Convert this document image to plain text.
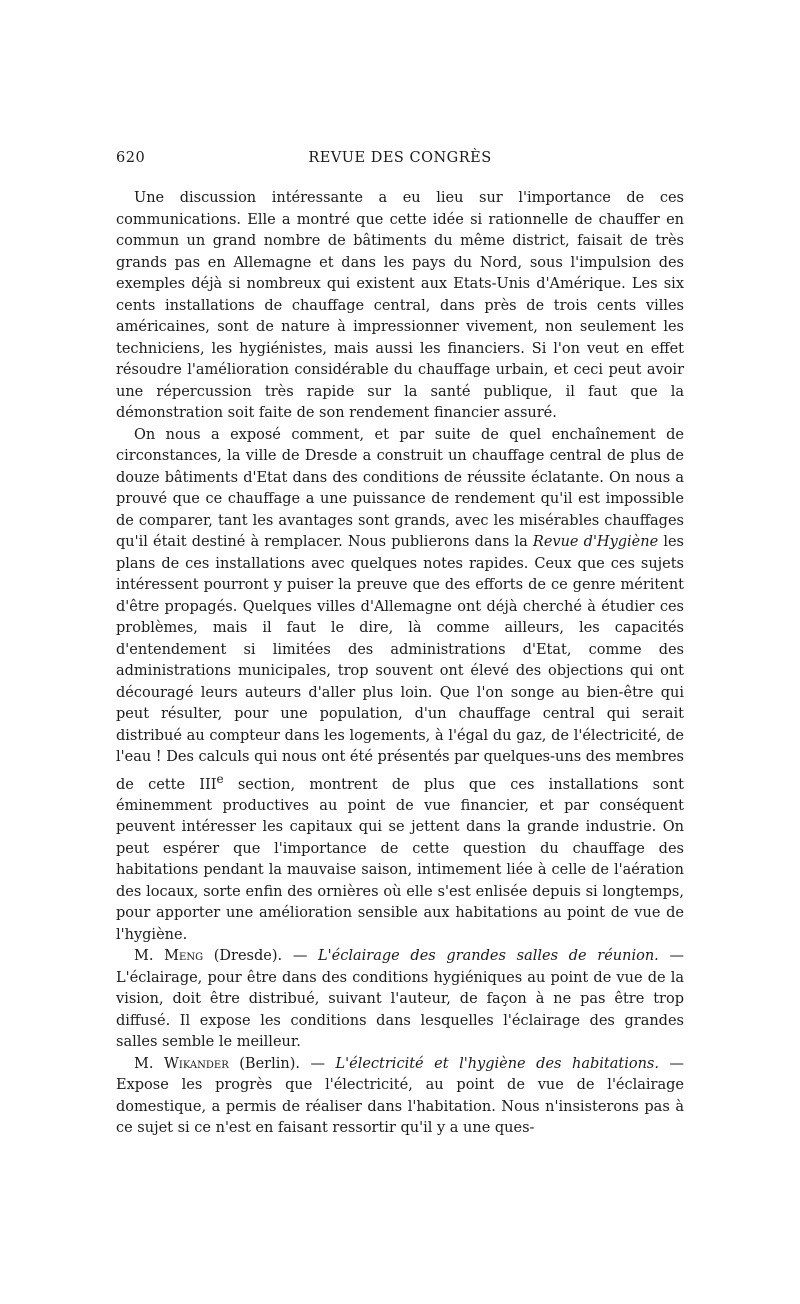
620	REVUE DES CONGRÈS

Une discussion intéressante a eu lieu sur l'importance de ces communications. Elle a montré que cette idée si rationnelle de chauffer en commun un grand nombre de bâtiments du même district, faisait de très grands pas en Allemagne et dans les pays du Nord, sous l'impulsion des exemples déjà si nombreux qui existent aux Etats-Unis d'Amérique. Les six cents installations de chauffage central, dans près de trois cents villes américaines, sont de nature à impressionner vivement, non seulement les techniciens, les hygiénistes, mais aussi les financiers. Si l'on veut en effet résoudre l'amélioration considérable du chauffage urbain, et ceci peut avoir une répercussion très rapide sur la santé publique, il faut que la démonstration soit faite de son rendement financier assuré.

On nous a exposé comment, et par suite de quel enchaînement de circonstances, la ville de Dresde a construit un chauffage central de plus de douze bâtiments d'Etat dans des conditions de réussite éclatante. On nous a prouvé que ce chauffage a une puissance de rendement qu'il est impossible de comparer, tant les avantages sont grands, avec les misérables chauffages qu'il était destiné à remplacer. Nous publierons dans la Revue d'Hygiène les plans de ces installations avec quelques notes rapides. Ceux que ces sujets intéressent pourront y puiser la preuve que des efforts de ce genre méritent d'être propagés. Quelques villes d'Allemagne ont déjà cherché à étudier ces problèmes, mais il faut le dire, là comme ailleurs, les capacités d'entendement si limitées des administrations d'Etat, comme des administrations municipales, trop souvent ont élevé des objections qui ont découragé leurs auteurs d'aller plus loin. Que l'on songe au bien-être qui peut résulter, pour une population, d'un chauffage central qui serait distribué au compteur dans les logements, à l'égal du gaz, de l'électricité, de l'eau ! Des calculs qui nous ont été présentés par quelques-uns des membres de cette IIIe section, montrent de plus que ces installations sont éminemment productives au point de vue financier, et par conséquent peuvent intéresser les capitaux qui se jettent dans la grande industrie. On peut espérer que l'importance de cette question du chauffage des habitations pendant la mauvaise saison, intimement liée à celle de l'aération des locaux, sorte enfin des ornières où elle s'est enlisée depuis si longtemps, pour apporter une amélioration sensible aux habitations au point de vue de l'hygiène.

M. Meng (Dresde). — L'éclairage des grandes salles de réunion. — L'éclairage, pour être dans des conditions hygiéniques au point de vue de la vision, doit être distribué, suivant l'auteur, de façon à ne pas être trop diffusé. Il expose les conditions dans lesquelles l'éclairage des grandes salles semble le meilleur.

M. Wikander (Berlin). — L'électricité et l'hygiène des habitations. — Expose les progrès que l'électricité, au point de vue de l'éclairage domestique, a permis de réaliser dans l'habitation. Nous n'insisterons pas à ce sujet si ce n'est en faisant ressortir qu'il y a une ques-
